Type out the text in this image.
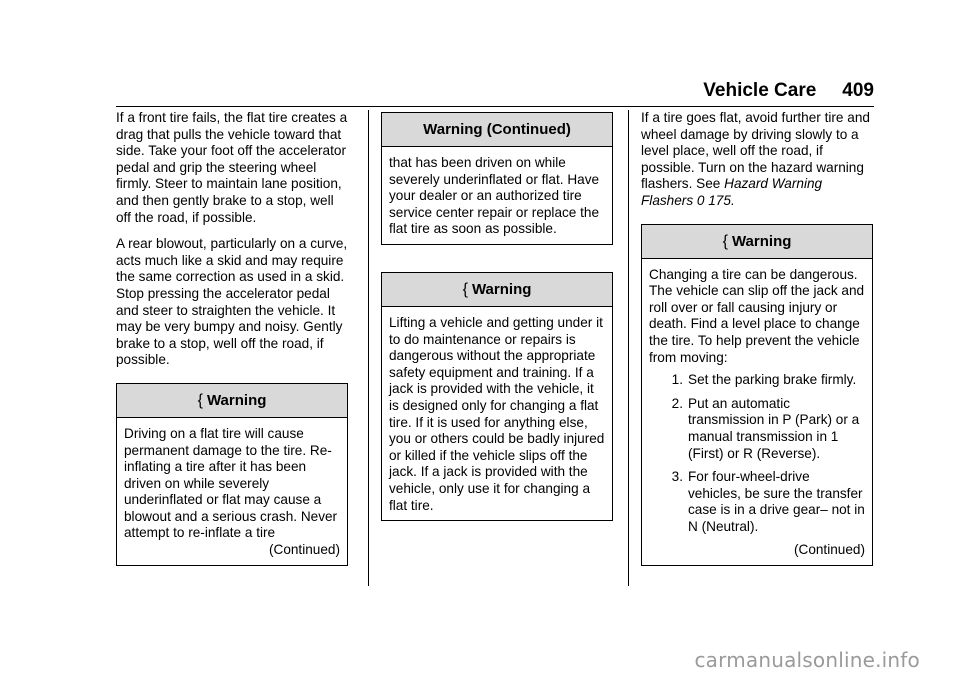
Vehicle Care 409

If a front tire fails, the flat tire creates a drag that pulls the vehicle toward that side. Take your foot off the accelerator pedal and grip the steering wheel firmly. Steer to maintain lane position, and then gently brake to a stop, well off the road, if possible.

A rear blowout, particularly on a curve, acts much like a skid and may require the same correction as used in a skid. Stop pressing the accelerator pedal and steer to straighten the vehicle. It may be very bumpy and noisy. Gently brake to a stop, well off the road, if possible.

{ Warning

Driving on a flat tire will cause permanent damage to the tire. Re-inflating a tire after it has been driven on while severely underinflated or flat may cause a blowout and a serious crash. Never attempt to re-inflate a tire

(Continued)
Warning (Continued)

that has been driven on while severely underinflated or flat. Have your dealer or an authorized tire service center repair or replace the flat tire as soon as possible.

{ Warning

Lifting a vehicle and getting under it to do maintenance or repairs is dangerous without the appropriate safety equipment and training. If a jack is provided with the vehicle, it is designed only for changing a flat tire. If it is used for anything else, you or others could be badly injured or killed if the vehicle slips off the jack. If a jack is provided with the vehicle, only use it for changing a flat tire.

If a tire goes flat, avoid further tire and wheel damage by driving slowly to a level place, well off the road, if possible. Turn on the hazard warning flashers. See Hazard Warning Flashers 0 175.

{ Warning

Changing a tire can be dangerous. The vehicle can slip off the jack and roll over or fall causing injury or death. Find a level place to change the tire. To help prevent the vehicle from moving:

1. Set the parking brake firmly.
2. Put an automatic transmission in P (Park) or a manual transmission in 1 (First) or R (Reverse).
3. For four-wheel-drive vehicles, be sure the transfer case is in a drive gear– not in N (Neutral).
(Continued)
carmanualsonline.info
